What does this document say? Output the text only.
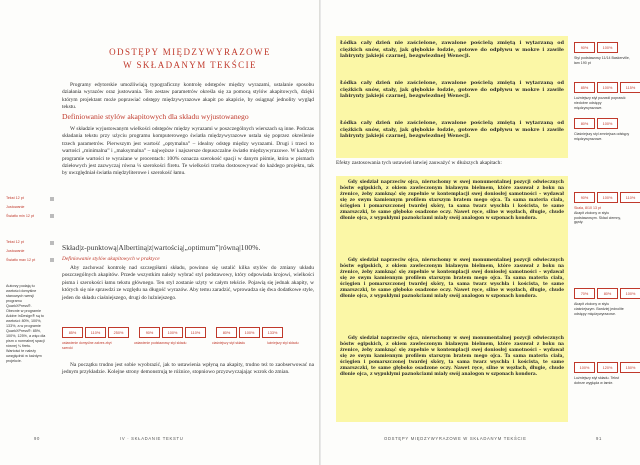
ODSTĘPY MIĘDZYWYRAZOWE
W SKŁADANYM TEKŚCIE

Programy edytorskie umożliwiają typograficzny kontrolę odstępów między wyrazami, ustalanie sposobu działania wyrazów oraz justowania. Ten zestaw parametrów określa się za pomocą stylów akapitowych, dzięki którym projektant może poprawiać odstępy międzywyrazowe akapit po akapicie, by osiągnąć jednolity wygląd tekstu.

Definiowanie stylów akapitowych dla składu wyjustowanego

W składzie wyjustowanym wielkości odstępów między wyrazami w poszczególnych wierszach są inne. Podczas składania tekstu przy użyciu programu komputerowego światła międzywyrazowe ustala się poprzez określenie trzech parametrów. Pierwszym jest wartość „optymalna” – idealny odstęp między wyrazami. Drugi i trzeci to wartości „minimalna” i „maksymalna” – najwęższe i najszersze dopuszczalne światło międzywyrazowe. W każdym programie wartości te wyrażane w procentach: 100% oznacza szerokość spacji w danym piśmie, która w pismach dziełowych jest zazwyczaj równa ¼ szerokości firetu. Te wielkości trzeba dostosowywać do każdego projektu, tak by uwzględniał światła międzyliterowe i szerokość łamu.

Skład|z-punktową|Albertiną|z|wartością|„optimum”|równą|100%.
Definiowanie stylów akapitowych w praktyce

Aby zachować kontrolę nad szczegółami składu, powinno się ustalić kilka stylów do zmiany układu poszczególnych akapitów. Przede wszystkim należy wybrać styl podstawowy, który odpowiada krojowi, wielkości pisma i szerokości łamu tekstu głównego. Ten styl zostanie użyty w całym tekście. Pojawią się jednak akapity, w których się nie sprawdzi ze względu na długość wyrazów. Aby temu zaradzić, wprowadza się dwa dodatkowe style, jeden do składu ciaśniejszego, drugi do luźniejszego.

Tekst 12 pt
Justowanie
Światło min 12 pt
Tekst 12 pt
Justowanie
Światło max 12 pt
Autorzy podają tu wartości domyślne stanowych wersji programu QuarkXPress®. Obecnie w programie Adobe InDesign® są to wartości: 80%, 100%, 133%, a w programie QuarkXPress®: 85%, 100%, 125%, a więc dla pism o normalnej spacji równej ¼ firetu. Wartości te należy uwzględnić w każdym projekcie.
85%	110%	250%	90%	100%	110%	80%	100%	133%
ustawienie domyślne zakres zbyt szeroki
ustawienie podstawowy styl składu	ciaśniejszy styl składu	luźniejszy styl składu

Na początku trudno jest sobie wyobrazić, jak to ustawienia wpłyną na akapity, trudno też to zaobserwować na jednym przykładzie. Kolejne strony demonstrują te różnice, stopniowo przyzwyczajając wzrok do zmian.

90	IV · SKŁADANIE TEKSTU

Łódka cały dzień nie zaścielone, zawalone pościelą zmiętą i wytarzaną od ciężkich snów, stały, jak głębokie łodzie, gotowe do odpływu w mokre i zawiłe labirynty jakiejś czarnej, bezgwiezdnej Wenecji.

Łódka cały dzień nie zaścielone, zawalone pościelą zmiętą i wytarzaną od ciężkich snów, stały, jak głębokie łodzie, gotowe do odpływu w mokre i zawiłe labirynty jakiejś czarnej, bezgwiezdnej Wenecji.

Łódka cały dzień nie zaścielone, zawalone pościelą zmiętą i wytarzaną od ciężkich snów, stały, jak głębokie łodzie, gotowe do odpływu w mokre i zawiłe labirynty jakiejś czarnej, bezgwiezdnej Wenecji.

Efekty zastosowania tych ustawień łatwiej zauważyć w dłuższych akapitach:

Gdy siedział naprzeciw ojca, nieruchomy w swej monumentalnej pozycji odwiecznych bóstw egipskich, z okiem zawleczonym białawym bielmem, które zasuwał z boku na źrenice, żeby zamknąć się zupełnie w kontemplacji swej doniosłej samotności – wydawał się ze swym kamiennym profilem starszym bratem mego ojca. Ta sama materia ciała, ścięgien i pomarszczonej twardej skóry, ta sama twarz wyschła i koścista, te same zmarszczki, te same głęboko osadzone oczy. Nawet ręce, silne w węzłach, długie, chude dłonie ojca, z wypukłymi paznokciami miały swój analogon w szponach kondora.

Gdy siedział naprzeciw ojca, nieruchomy w swej monumentalnej pozycji odwiecznych bóstw egipskich, z okiem zawleczonym białawym bielmem, które zasuwał z boku na źrenice, żeby zamknąć się zupełnie w kontemplacji swej doniosłej samotności – wydawał się ze swym kamiennym profilem starszym bratem mego ojca. Ta sama materia ciała, ścięgien i pomarszczonej twardej skóry, ta sama twarz wyschła i koścista, te same zmarszczki, te same głęboko osadzone oczy. Nawet ręce, silne w węzłach, długie, chude dłonie ojca, z wypukłymi paznokciami miały swój analogon w szponach kondora.

Gdy siedział naprzeciw ojca, nieruchomy w swej monumentalnej pozycji odwiecznych bóstw egipskich, z okiem zawleczonym białawym bielmem, które zasuwał z boku na źrenice, żeby zamknąć się zupełnie w kontemplacji swej doniosłej samotności – wydawał się ze swym kamiennym profilem starszym bratem mego ojca. Ta sama materia ciała, ścięgien i pomarszczonej twardej skóry, ta sama twarz wyschła i koścista, te same zmarszczki, te same głęboko osadzone oczy. Nawet ręce, silne w węzłach, długie, chude dłonie ojca, z wypukłymi paznokciami miały swój analogon w szponach kondora.

90%	100%
Styl podstawowy 11/14 Baskerville, łam 190 pt
85%	100%	115%
Luźniejszy styl pozwoli poprawić niedobre odstępy międzywyrazowe.
80%	100%
Ciaśniejszy styl zmniejsza odstępy międzywyrazowe.
90%	100%	110%
Skala, 8/10 13 pt
Akapit złożony w stylu podstawowym. Skład ciemny, gęsty.
70%	80%	100%
Akapit złożony w stylu ciaśniejszym. Bardziej jednolite odstępy międzywyrazowe.
100%	120%	150%
Luźniejszy styl składu. Tekst dobrze wygląda w łamie.
ODSTĘPY MIĘDZYWYRAZOWE W SKŁADANYM TEKŚCIE	91
